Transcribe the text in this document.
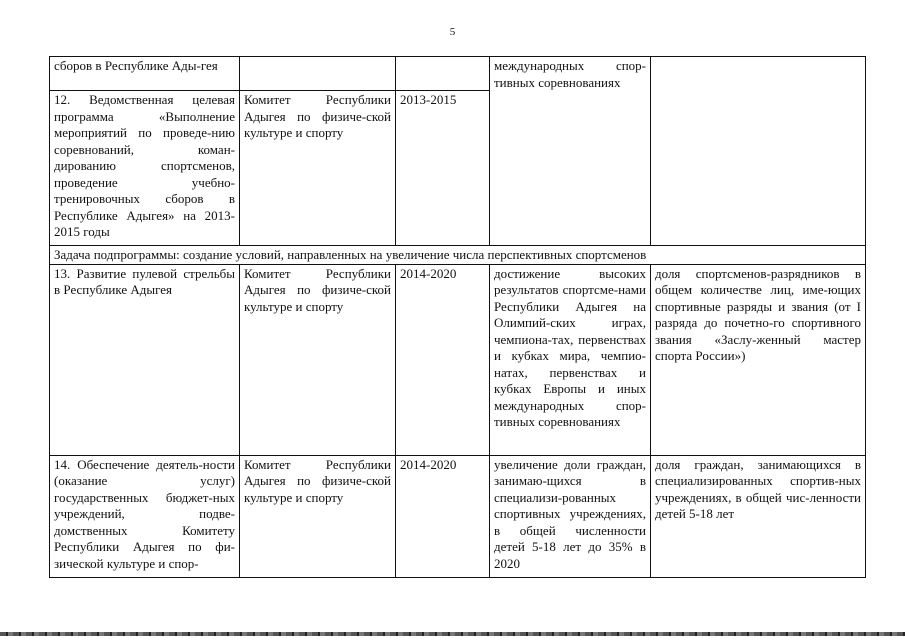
5
сборов в Республике Ады-гея			международных спор-тивных соревнованиях	
12. Ведомственная целевая программа «Выполнение мероприятий по проведе-нию соревнований, коман-дированию спортсменов, проведение учебно-тренировочных сборов в Республике Адыгея» на 2013-2015 годы	Комитет Республики Адыгея по физиче-ской культуре и спорту	2013-2015		
Задача подпрограммы: создание условий, направленных на увеличение числа перспективных спортсменов				
13. Развитие пулевой стрельбы в Республике Адыгея	Комитет Республики Адыгея по физиче-ской культуре и спорту	2014-2020	достижение высоких результатов спортсме-нами Республики Адыгея на Олимпий-ских играх, чемпиона-тах, первенствах и кубках мира, чемпио-натах, первенствах и кубках Европы и иных международных спор-тивных соревнованиях	доля спортсменов-разрядников в общем количестве лиц, име-ющих спортивные разряды и звания (от I разряда до почетно-го спортивного звания «Заслу-женный мастер спорта России»)
14. Обеспечение деятель-ности (оказание услуг) государственных бюджет-ных учреждений, подве-домственных Комитету Республики Адыгея по фи-зической культуре и спор-	Комитет Республики Адыгея по физиче-ской культуре и спорту	2014-2020	увеличение доли граждан, занимаю-щихся в специализи-рованных спортивных учреждениях, в общей численности детей 5-18 лет до 35% в 2020	доля граждан, занимающихся в специализированных спортив-ных учреждениях, в общей чис-ленности детей 5-18 лет
